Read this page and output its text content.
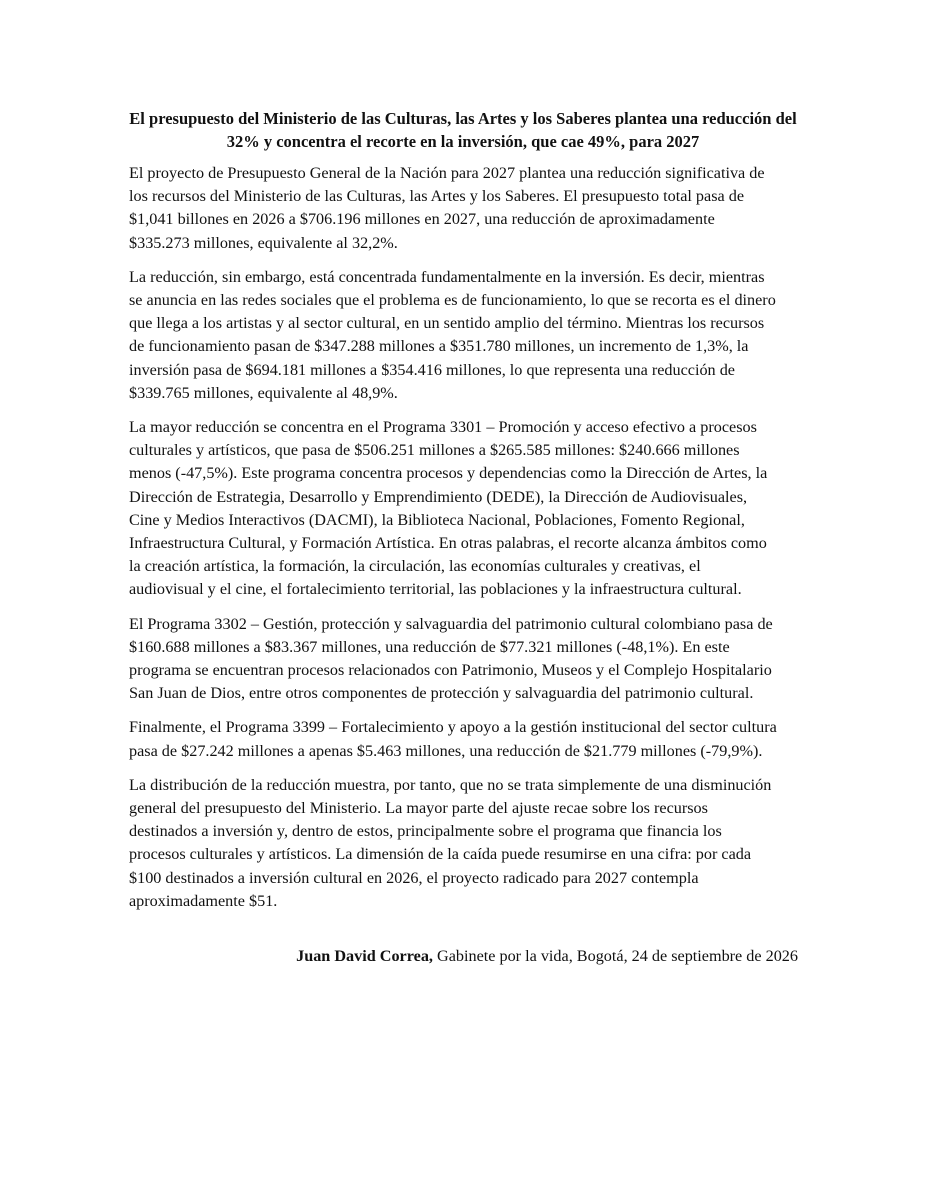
El presupuesto del Ministerio de las Culturas, las Artes y los Saberes plantea una reducción del 32% y concentra el recorte en la inversión, que cae 49%, para 2027

El proyecto de Presupuesto General de la Nación para 2027 plantea una reducción significativa de
los recursos del Ministerio de las Culturas, las Artes y los Saberes. El presupuesto total pasa de
$1,041 billones en 2026 a $706.196 millones en 2027, una reducción de aproximadamente
$335.273 millones, equivalente al 32,2%.

La reducción, sin embargo, está concentrada fundamentalmente en la inversión. Es decir, mientras
se anuncia en las redes sociales que el problema es de funcionamiento, lo que se recorta es el dinero
que llega a los artistas y al sector cultural, en un sentido amplio del término. Mientras los recursos
de funcionamiento pasan de $347.288 millones a $351.780 millones, un incremento de 1,3%, la
inversión pasa de $694.181 millones a $354.416 millones, lo que representa una reducción de
$339.765 millones, equivalente al 48,9%.

La mayor reducción se concentra en el Programa 3301 – Promoción y acceso efectivo a procesos
culturales y artísticos, que pasa de $506.251 millones a $265.585 millones: $240.666 millones
menos (-47,5%). Este programa concentra procesos y dependencias como la Dirección de Artes, la
Dirección de Estrategia, Desarrollo y Emprendimiento (DEDE), la Dirección de Audiovisuales,
Cine y Medios Interactivos (DACMI), la Biblioteca Nacional, Poblaciones, Fomento Regional,
Infraestructura Cultural, y Formación Artística. En otras palabras, el recorte alcanza ámbitos como
la creación artística, la formación, la circulación, las economías culturales y creativas, el
audiovisual y el cine, el fortalecimiento territorial, las poblaciones y la infraestructura cultural.

El Programa 3302 – Gestión, protección y salvaguardia del patrimonio cultural colombiano pasa de
$160.688 millones a $83.367 millones, una reducción de $77.321 millones (-48,1%). En este
programa se encuentran procesos relacionados con Patrimonio, Museos y el Complejo Hospitalario
San Juan de Dios, entre otros componentes de protección y salvaguardia del patrimonio cultural.

Finalmente, el Programa 3399 – Fortalecimiento y apoyo a la gestión institucional del sector cultura
pasa de $27.242 millones a apenas $5.463 millones, una reducción de $21.779 millones (-79,9%).

La distribución de la reducción muestra, por tanto, que no se trata simplemente de una disminución
general del presupuesto del Ministerio. La mayor parte del ajuste recae sobre los recursos
destinados a inversión y, dentro de estos, principalmente sobre el programa que financia los
procesos culturales y artísticos. La dimensión de la caída puede resumirse en una cifra: por cada
$100 destinados a inversión cultural en 2026, el proyecto radicado para 2027 contempla
aproximadamente $51.

Juan David Correa, Gabinete por la vida, Bogotá, 24 de septiembre de 2026
